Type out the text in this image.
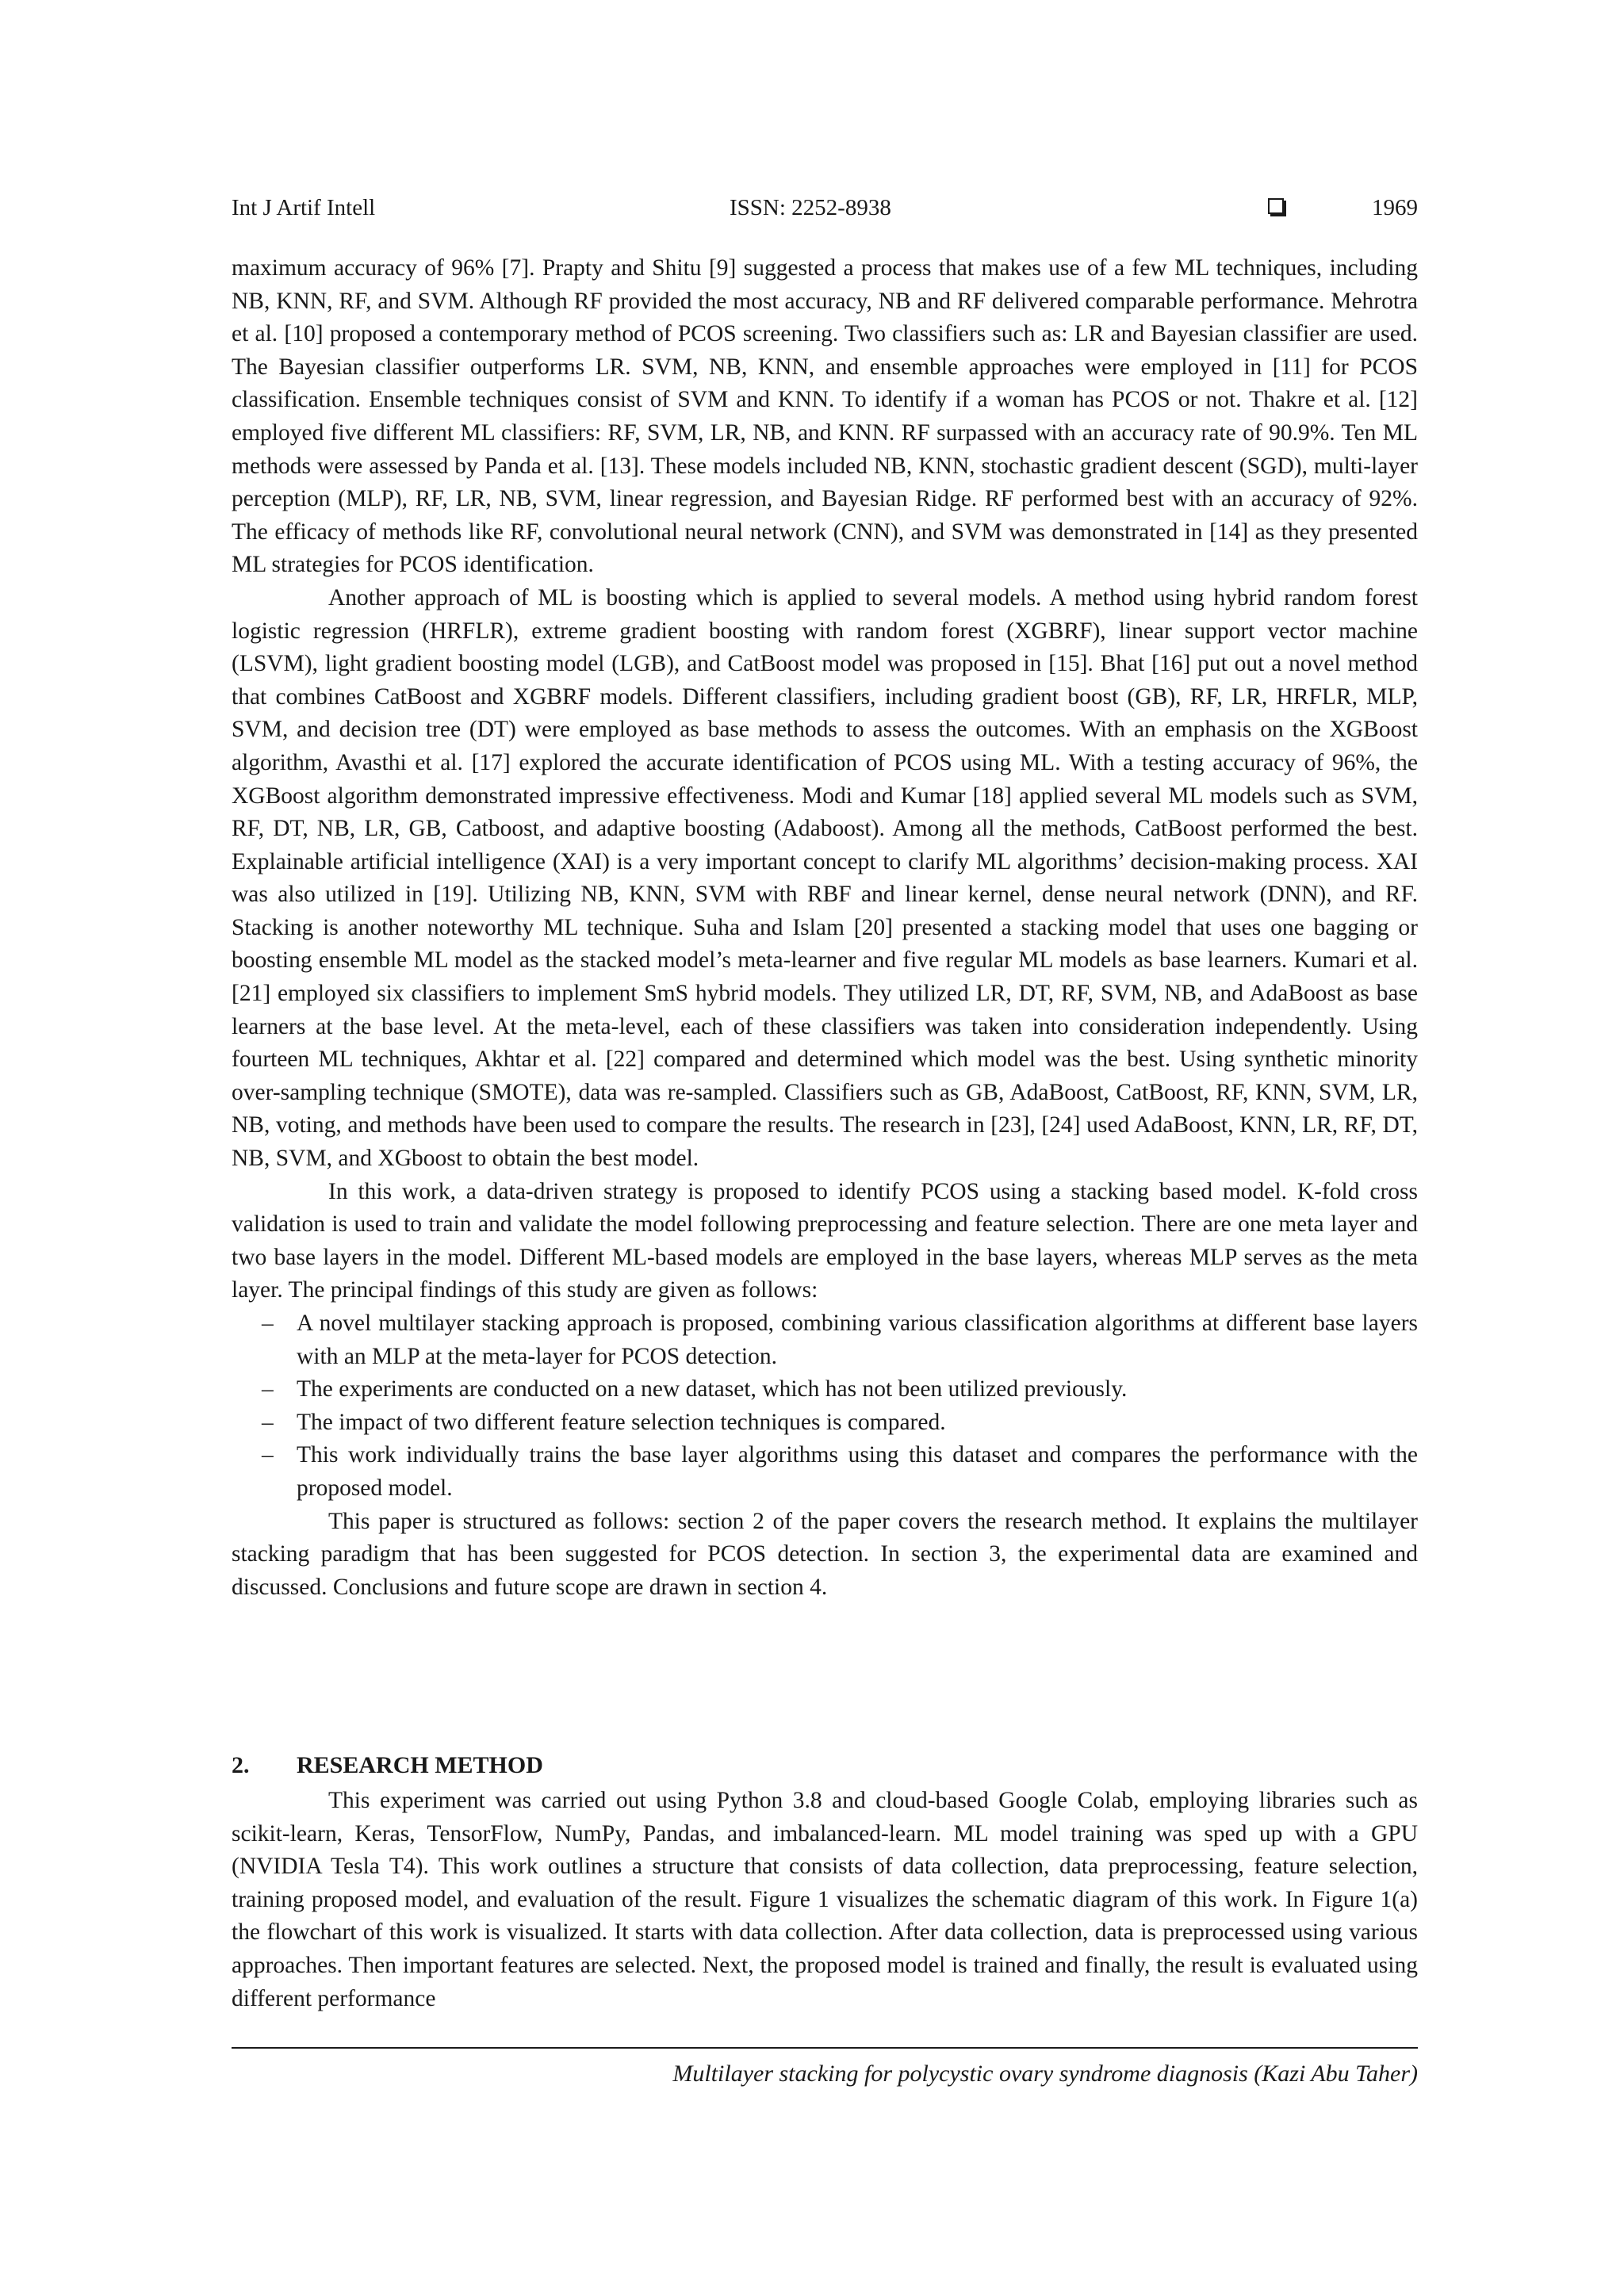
Int J Artif Intell	ISSN: 2252-8938	1969

maximum accuracy of 96% [7]. Prapty and Shitu [9] suggested a process that makes use of a few ML techniques, including NB, KNN, RF, and SVM. Although RF provided the most accuracy, NB and RF delivered comparable performance. Mehrotra et al. [10] proposed a contemporary method of PCOS screening. Two classifiers such as: LR and Bayesian classifier are used. The Bayesian classifier outperforms LR. SVM, NB, KNN, and ensemble approaches were employed in [11] for PCOS classification. Ensemble techniques consist of SVM and KNN. To identify if a woman has PCOS or not. Thakre et al. [12] employed five different ML classifiers: RF, SVM, LR, NB, and KNN. RF surpassed with an accuracy rate of 90.9%. Ten ML methods were assessed by Panda et al. [13]. These models included NB, KNN, stochastic gradient descent (SGD), multi-layer perception (MLP), RF, LR, NB, SVM, linear regression, and Bayesian Ridge. RF performed best with an accuracy of 92%. The efficacy of methods like RF, convolutional neural network (CNN), and SVM was demonstrated in [14] as they presented ML strategies for PCOS identification.

Another approach of ML is boosting which is applied to several models. A method using hybrid random forest logistic regression (HRFLR), extreme gradient boosting with random forest (XGBRF), linear support vector machine (LSVM), light gradient boosting model (LGB), and CatBoost model was proposed in [15]. Bhat [16] put out a novel method that combines CatBoost and XGBRF models. Different classifiers, including gradient boost (GB), RF, LR, HRFLR, MLP, SVM, and decision tree (DT) were employed as base methods to assess the outcomes. With an emphasis on the XGBoost algorithm, Avasthi et al. [17] explored the accurate identification of PCOS using ML. With a testing accuracy of 96%, the XGBoost algorithm demonstrated impressive effectiveness. Modi and Kumar [18] applied several ML models such as SVM, RF, DT, NB, LR, GB, Catboost, and adaptive boosting (Adaboost). Among all the methods, CatBoost performed the best. Explainable artificial intelligence (XAI) is a very important concept to clarify ML algorithms’ decision-making process. XAI was also utilized in [19]. Utilizing NB, KNN, SVM with RBF and linear kernel, dense neural network (DNN), and RF. Stacking is another noteworthy ML technique. Suha and Islam [20] presented a stacking model that uses one bagging or boosting ensemble ML model as the stacked model’s meta-learner and five regular ML models as base learners. Kumari et al. [21] employed six classifiers to implement SmS hybrid models. They utilized LR, DT, RF, SVM, NB, and AdaBoost as base learners at the base level. At the meta-level, each of these classifiers was taken into consideration independently. Using fourteen ML techniques, Akhtar et al. [22] compared and determined which model was the best. Using synthetic minority over-sampling technique (SMOTE), data was re-sampled. Classifiers such as GB, AdaBoost, CatBoost, RF, KNN, SVM, LR, NB, voting, and methods have been used to compare the results. The research in [23], [24] used AdaBoost, KNN, LR, RF, DT, NB, SVM, and XGboost to obtain the best model.

In this work, a data-driven strategy is proposed to identify PCOS using a stacking based model. K-fold cross validation is used to train and validate the model following preprocessing and feature selection. There are one meta layer and two base layers in the model. Different ML-based models are employed in the base layers, whereas MLP serves as the meta layer. The principal findings of this study are given as follows:

– A novel multilayer stacking approach is proposed, combining various classification algorithms at different base layers with an MLP at the meta-layer for PCOS detection.
– The experiments are conducted on a new dataset, which has not been utilized previously.
– The impact of two different feature selection techniques is compared.
– This work individually trains the base layer algorithms using this dataset and compares the performance with the proposed model.

This paper is structured as follows: section 2 of the paper covers the research method. It explains the multilayer stacking paradigm that has been suggested for PCOS detection. In section 3, the experimental data are examined and discussed. Conclusions and future scope are drawn in section 4.

2. RESEARCH METHOD

This experiment was carried out using Python 3.8 and cloud-based Google Colab, employing libraries such as scikit-learn, Keras, TensorFlow, NumPy, Pandas, and imbalanced-learn. ML model training was sped up with a GPU (NVIDIA Tesla T4). This work outlines a structure that consists of data collection, data preprocessing, feature selection, training proposed model, and evaluation of the result. Figure 1 visualizes the schematic diagram of this work. In Figure 1(a) the flowchart of this work is visualized. It starts with data collection. After data collection, data is preprocessed using various approaches. Then important features are selected. Next, the proposed model is trained and finally, the result is evaluated using different performance

Multilayer stacking for polycystic ovary syndrome diagnosis (Kazi Abu Taher)
